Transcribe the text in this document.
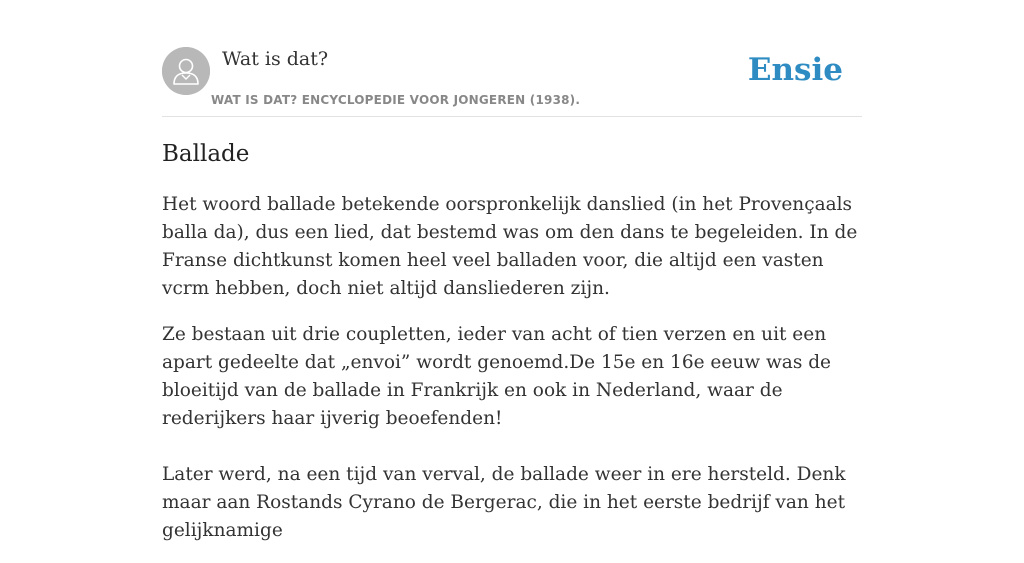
Wat is dat?
WAT IS DAT? ENCYCLOPEDIE VOOR JONGEREN (1938).
Ensie
Ballade

Het woord ballade betekende oorspronkelijk danslied (in het Provençaals balla da), dus een lied, dat bestemd was om den dans te begeleiden. In de Franse dichtkunst komen heel veel balladen voor, die altijd een vasten vcrm hebben, doch niet altijd dansliederen zijn.

Ze bestaan uit drie coupletten, ieder van acht of tien verzen en uit een apart gedeelte dat „envoi” wordt genoemd.De 15e en 16e eeuw was de bloeitijd van de ballade in Frankrijk en ook in Nederland, waar de rederijkers haar ijverig beoefenden!

Later werd, na een tijd van verval, de ballade weer in ere hersteld. Denk maar aan Rostands Cyrano de Bergerac, die in het eerste bedrijf van het gelijknamige
